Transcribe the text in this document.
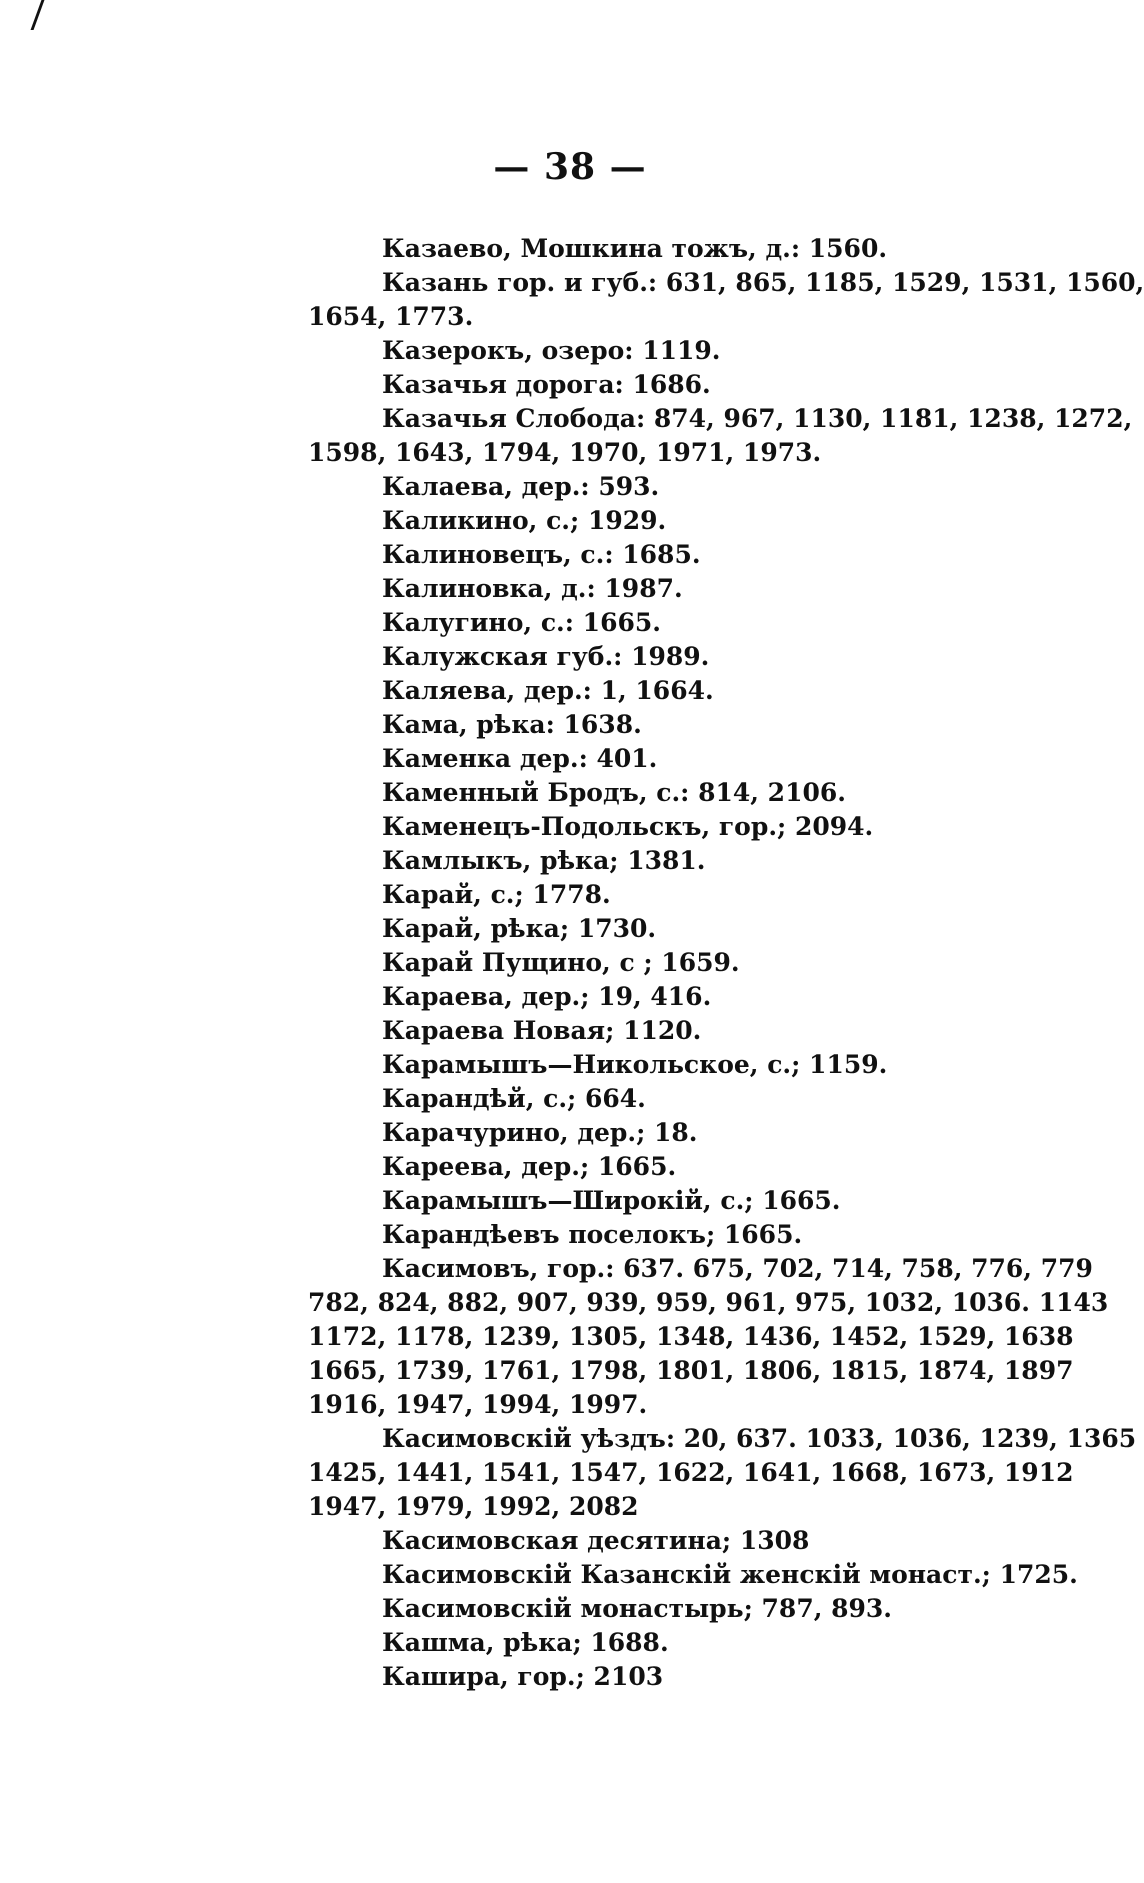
— 38 —
Казаево, Мошкина тожъ, д.: 1560.
Казань гор. и губ.: 631, 865, 1185, 1529, 1531, 1560,
1654, 1773.
Казерокъ, озеро: 1119.
Казачья дорога: 1686.
Казачья Слобода: 874, 967, 1130, 1181, 1238, 1272,
1598, 1643, 1794, 1970, 1971, 1973.
Калаева, дер.: 593.
Каликино, с.; 1929.
Калиновецъ, с.: 1685.
Калиновка, д.: 1987.
Калугино, с.: 1665.
Калужская губ.: 1989.
Каляева, дер.: 1, 1664.
Кама, рѣка: 1638.
Каменка дер.: 401.
Каменный Бродъ, с.: 814, 2106.
Каменецъ-Подольскъ, гор.; 2094.
Камлыкъ, рѣка; 1381.
Карай, с.; 1778.
Карай, рѣка; 1730.
Карай Пущино, с ; 1659.
Караева, дер.; 19, 416.
Караева Новая; 1120.
Карамышъ—Никольское, с.; 1159.
Карандѣй, с.; 664.
Карачурино, дер.; 18.
Кареева, дер.; 1665.
Карамышъ—Широкій, с.; 1665.
Карандѣевъ поселокъ; 1665.
Касимовъ, гор.: 637. 675, 702, 714, 758, 776, 779
782, 824, 882, 907, 939, 959, 961, 975, 1032, 1036. 1143
1172, 1178, 1239, 1305, 1348, 1436, 1452, 1529, 1638
1665, 1739, 1761, 1798, 1801, 1806, 1815, 1874, 1897
1916, 1947, 1994, 1997.
Касимовскій уѣздъ: 20, 637. 1033, 1036, 1239, 1365
1425, 1441, 1541, 1547, 1622, 1641, 1668, 1673, 1912
1947, 1979, 1992, 2082
Касимовская десятина; 1308
Касимовскій Казанскій женскій монаст.; 1725.
Касимовскій монастырь; 787, 893.
Кашма, рѣка; 1688.
Кашира, гор.; 2103
